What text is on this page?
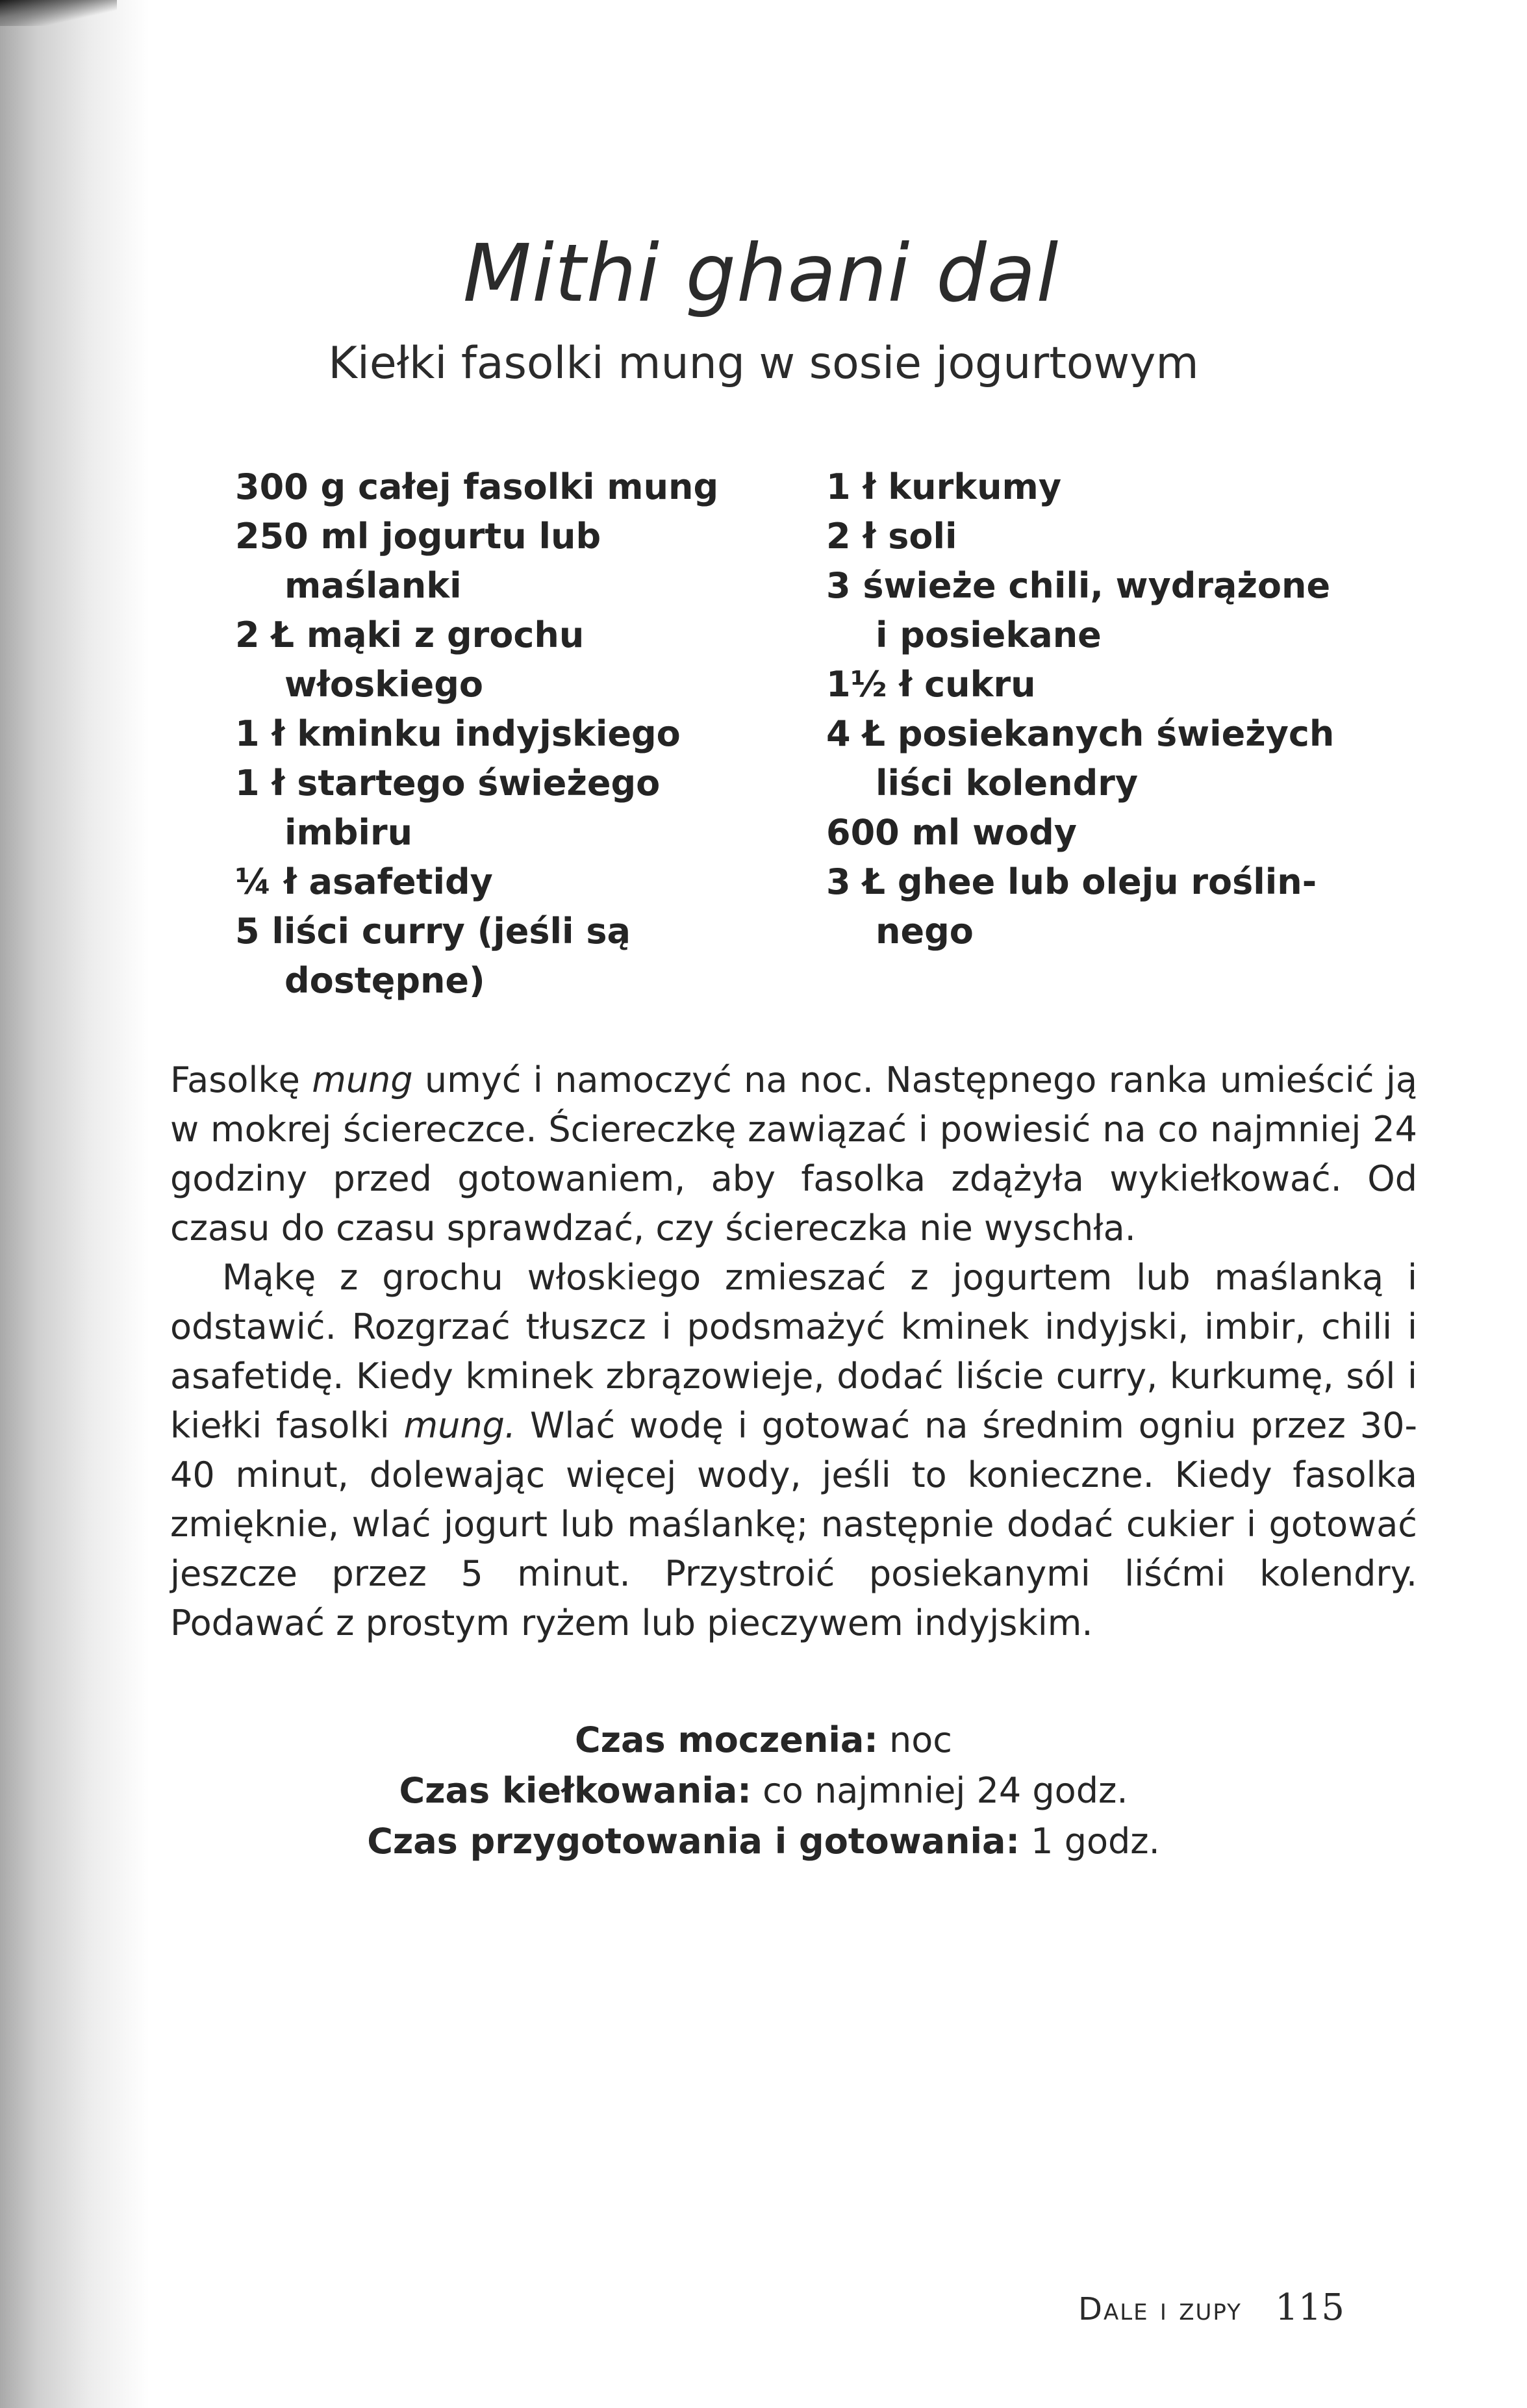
Mithi ghani dal
Kiełki fasolki mung w sosie jogurtowym
300 g całej fasolki mung
250 ml jogurtu lub
maślanki
2 Ł mąki z grochu
włoskiego
1 ł kminku indyjskiego
1 ł startego świeżego
imbiru
¼ ł asafetidy
5 liści curry (jeśli są
dostępne)
1 ł kurkumy
2 ł soli
3 świeże chili, wydrążone
i posiekane
1½ ł cukru
4 Ł posiekanych świeżych
liści kolendry
600 ml wody
3 Ł ghee lub oleju roślin-
nego

Fasolkę mung umyć i namoczyć na noc. Następnego ranka umieścić ją w mokrej ściereczce. Ściereczkę zawiązać i powiesić na co najmniej 24 godziny przed gotowaniem, aby fasolka zdążyła wykiełkować. Od czasu do czasu sprawdzać, czy ściereczka nie wyschła.

Mąkę z grochu włoskiego zmieszać z jogurtem lub maślanką i odstawić. Rozgrzać tłuszcz i podsmażyć kminek indyjski, imbir, chili i asafetidę. Kiedy kminek zbrązowieje, dodać liście curry, kurkumę, sól i kiełki fasolki mung. Wlać wodę i gotować na średnim ogniu przez 30-40 minut, dolewając więcej wody, jeśli to konieczne. Kiedy fasolka zmięknie, wlać jogurt lub maślankę; następnie dodać cukier i gotować jeszcze przez 5 minut. Przystroić posiekanymi liśćmi kolendry. Podawać z prostym ryżem lub pieczywem indyjskim.

Czas moczenia: noc
Czas kiełkowania: co najmniej 24 godz.
Czas przygotowania i gotowania: 1 godz.
Dale i zupy 115
